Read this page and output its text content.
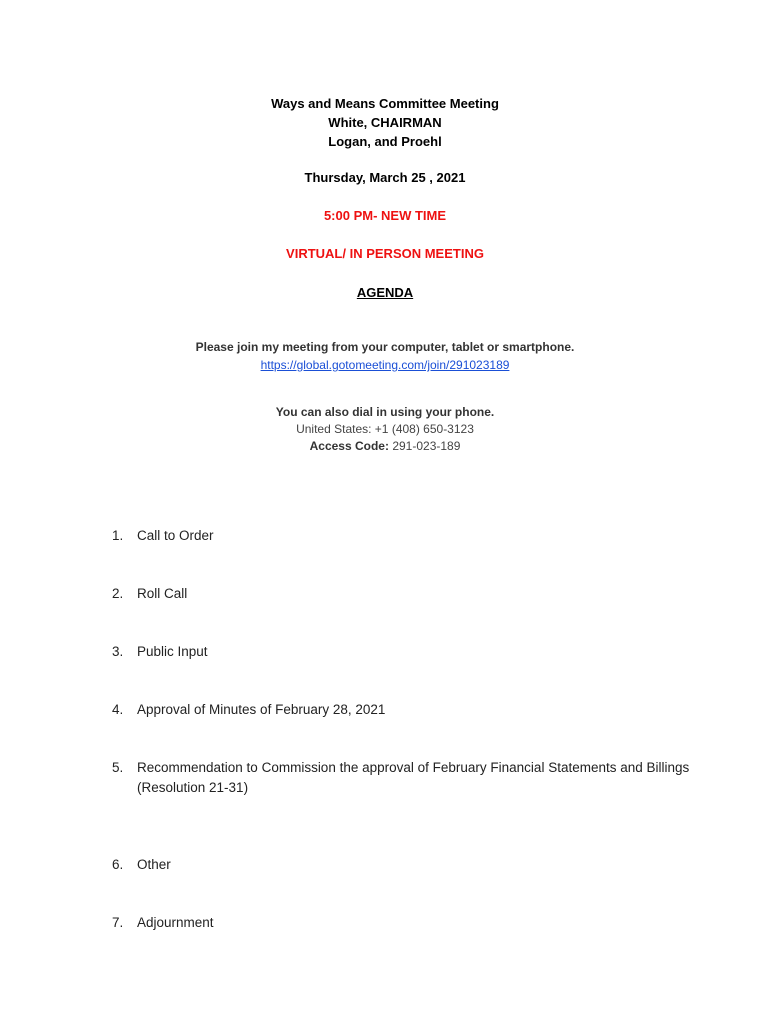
Ways and Means Committee Meeting
White, CHAIRMAN
Logan, and Proehl
Thursday, March 25 , 2021
5:00 PM- NEW TIME
VIRTUAL/ IN PERSON MEETING
AGENDA
Please join my meeting from your computer, tablet or smartphone.
https://global.gotomeeting.com/join/291023189
You can also dial in using your phone.
United States: +1 (408) 650-3123
Access Code: 291-023-189
1. Call to Order
2. Roll Call
3. Public Input
4. Approval of Minutes of February 28, 2021
5. Recommendation to Commission the approval of February Financial Statements and Billings (Resolution 21-31)
6. Other
7. Adjournment
